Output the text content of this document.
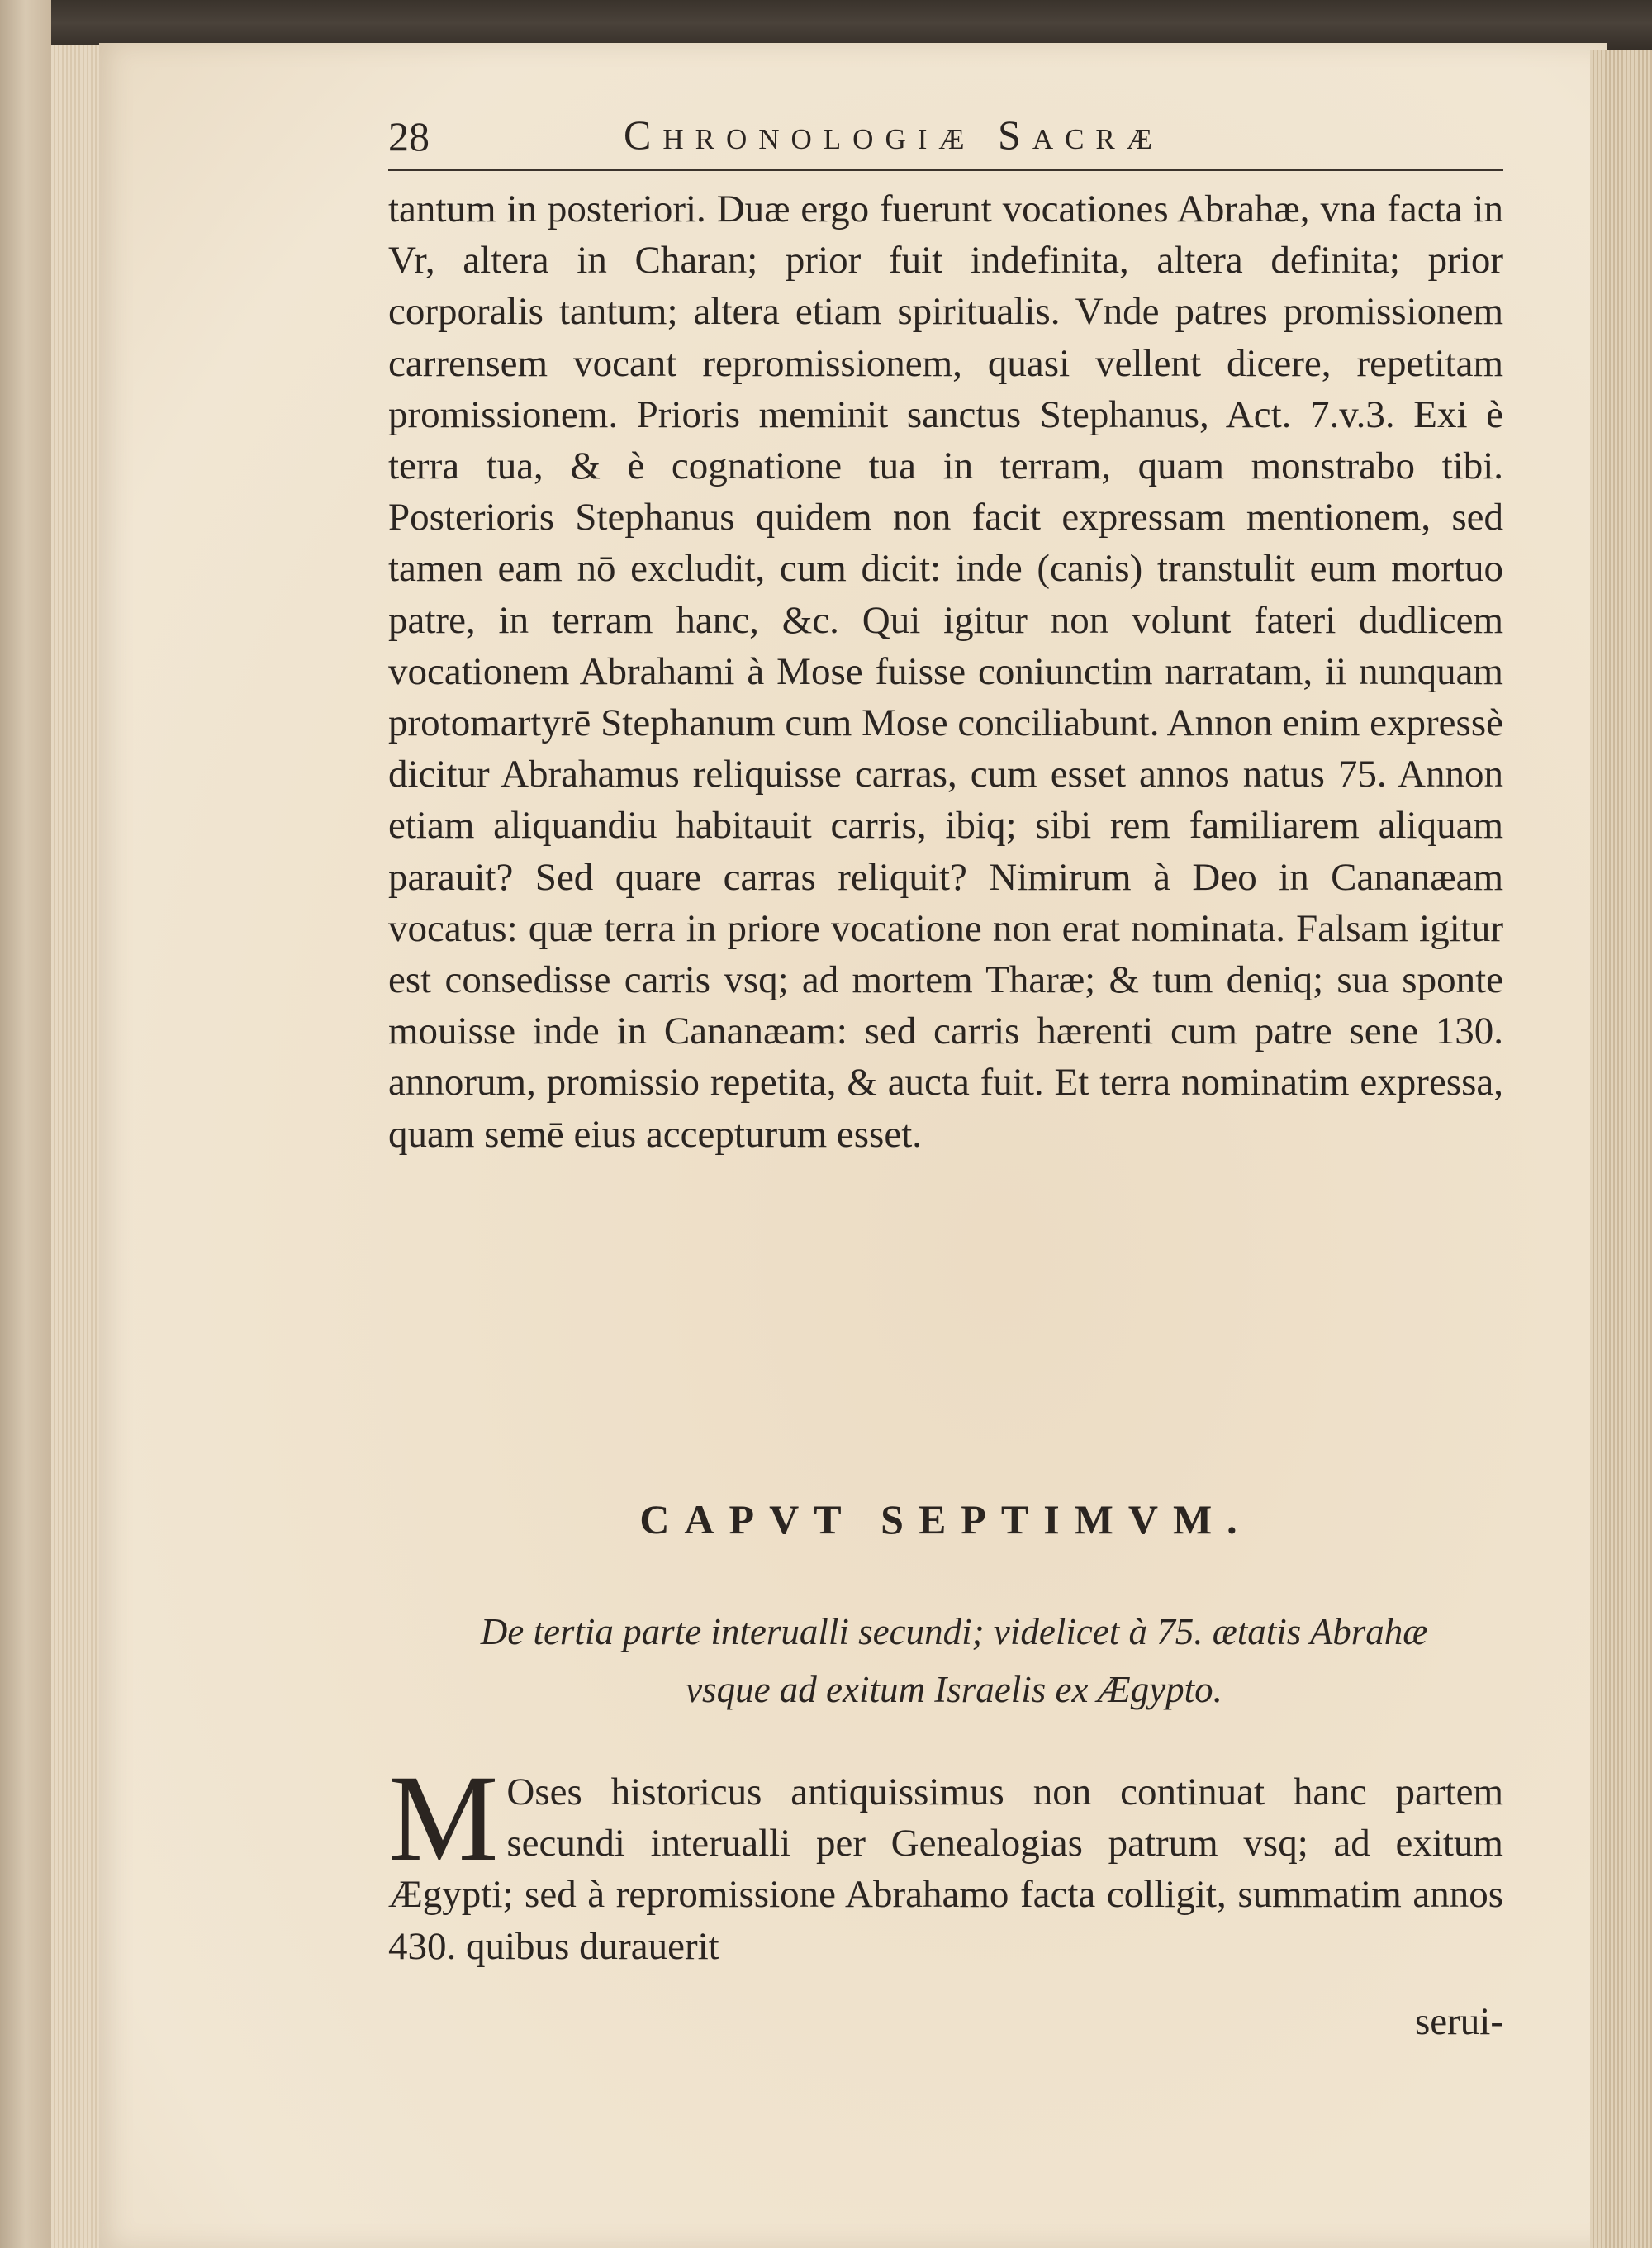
28	Chronologiæ Sacræ

tantum in posteriori. Duæ ergo fuerunt vocationes Abrahæ, vna facta in Vr, altera in Charan; prior fuit indefinita, altera definita; prior corporalis tantum; altera etiam spiritualis. Vnde patres promissionem carrensem vocant repromissionem, quasi vellent dicere, repetitam promissionem. Prioris meminit sanctus Stephanus, Act. 7.v.3. Exi è terra tua, & è cognatione tua in terram, quam monstrabo tibi. Posterioris Stephanus quidem non facit expressam mentionem, sed tamen eam nō excludit, cum dicit: inde (canis) transtulit eum mortuo patre, in terram hanc, &c. Qui igitur non volunt fateri dudlicem vocationem Abrahami à Mose fuisse coniunctim narratam, ii nunquam protomartyrē Stephanum cum Mose conciliabunt. Annon enim expressè dicitur Abrahamus reliquisse carras, cum esset annos natus 75. Annon etiam aliquandiu habitauit carris, ibiq; sibi rem familiarem aliquam parauit? Sed quare carras reliquit? Nimirum à Deo in Cananæam vocatus: quæ terra in priore vocatione non erat nominata. Falsam igitur est consedisse carris vsq; ad mortem Tharæ; & tum deniq; sua sponte mouisse inde in Cananæam: sed carris hærenti cum patre sene 130. annorum, promissio repetita, & aucta fuit. Et terra nominatim expressa, quam semē eius accepturum esset.

CAPVT SEPTIMVM.

De tertia parte interualli secundi; videlicet à 75. ætatis Abrahæ vsque ad exitum Israelis ex Ægypto.

M Oses historicus antiquissimus non continuat hanc partem secundi interualli per Genealogias patrum vsq; ad exitum Ægypti; sed à repromissione Abrahamo facta colligit, summatim annos 430. quibus durauerit
serui-
